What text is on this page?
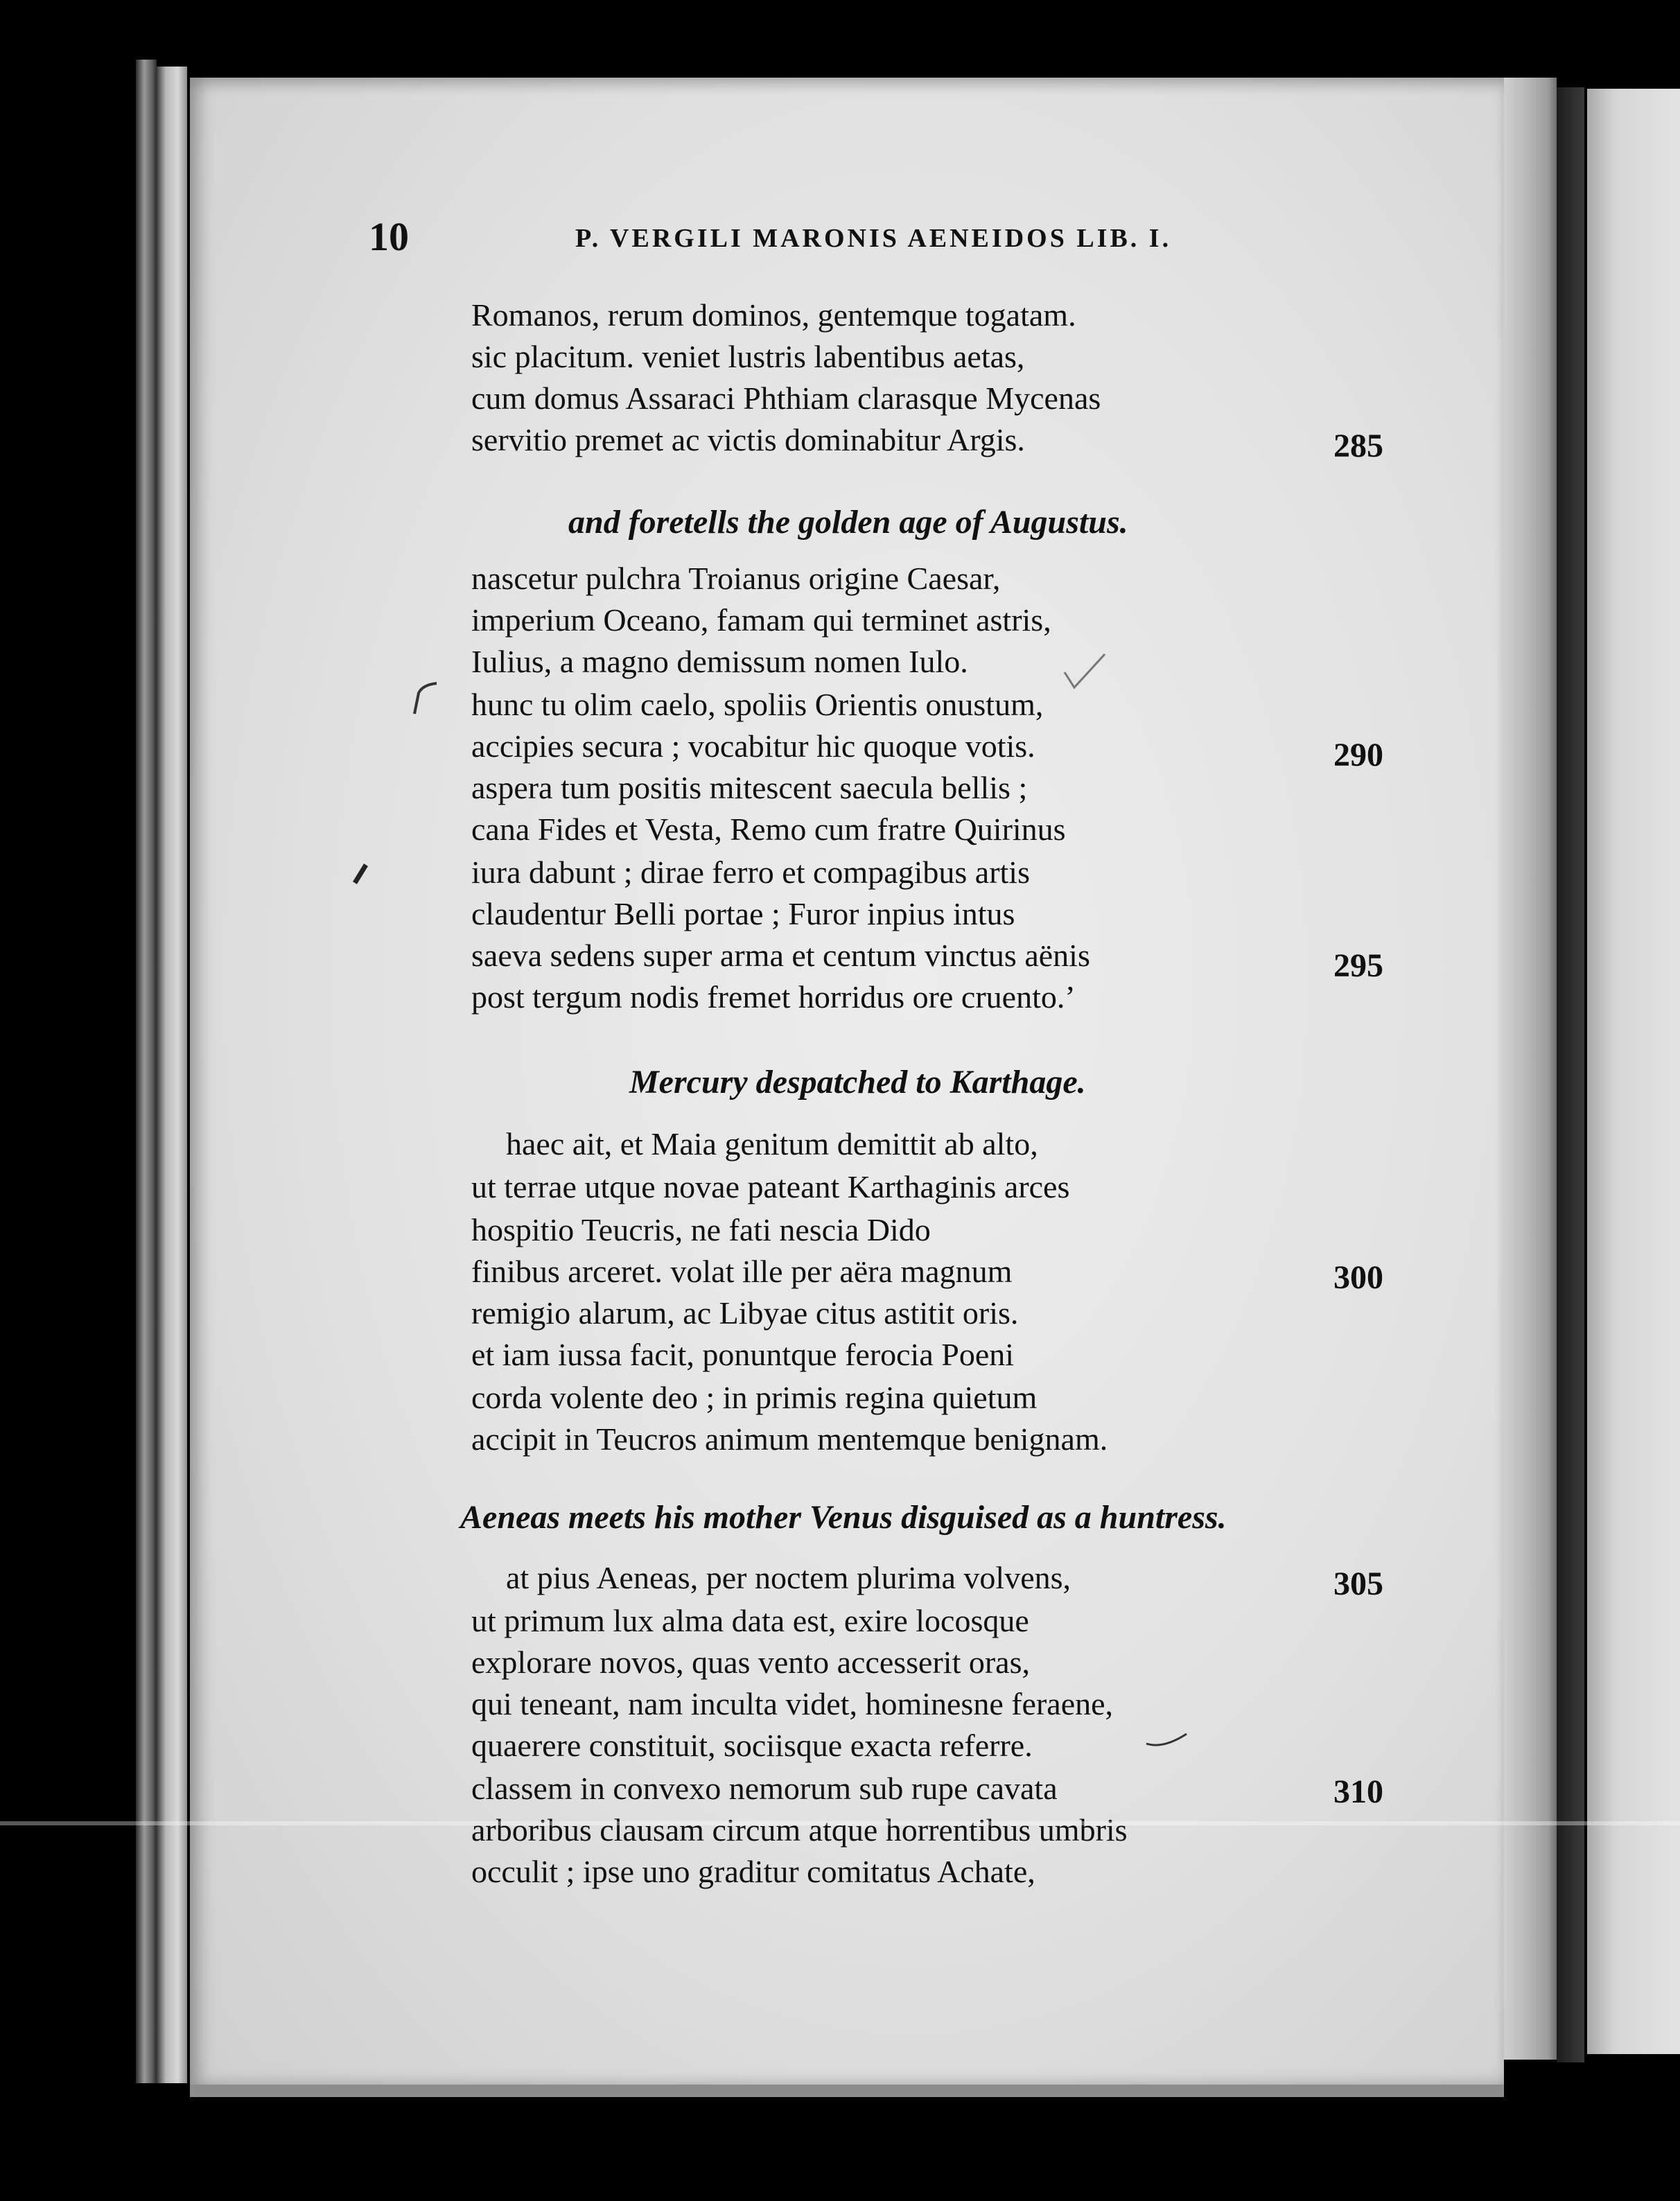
10	P. VERGILI MARONIS AENEIDOS LIB. I.
Romanos, rerum dominos, gentemque togatam.
sic placitum. veniet lustris labentibus aetas,
cum domus Assaraci Phthiam clarasque Mycenas
servitio premet ac victis dominabitur Argis.	285
and foretells the golden age of Augustus.
nascetur pulchra Troianus origine Caesar,
imperium Oceano, famam qui terminet astris,
Iulius, a magno demissum nomen Iulo.
hunc tu olim caelo, spoliis Orientis onustum,
accipies secura ; vocabitur hic quoque votis.	290
aspera tum positis mitescent saecula bellis ;
cana Fides et Vesta, Remo cum fratre Quirinus
iura dabunt ; dirae ferro et compagibus artis
claudentur Belli portae ; Furor inpius intus
saeva sedens super arma et centum vinctus aënis	295
post tergum nodis fremet horridus ore cruento.’
Mercury despatched to Karthage.
haec ait, et Maia genitum demittit ab alto,
ut terrae utque novae pateant Karthaginis arces
hospitio Teucris, ne fati nescia Dido
finibus arceret. volat ille per aëra magnum	300
remigio alarum, ac Libyae citus astitit oris.
et iam iussa facit, ponuntque ferocia Poeni
corda volente deo ; in primis regina quietum
accipit in Teucros animum mentemque benignam.
Aeneas meets his mother Venus disguised as a huntress.
at pius Aeneas, per noctem plurima volvens,	305
ut primum lux alma data est, exire locosque
explorare novos, quas vento accesserit oras,
qui teneant, nam inculta videt, hominesne feraene,
quaerere constituit, sociisque exacta referre.
classem in convexo nemorum sub rupe cavata	310
arboribus clausam circum atque horrentibus umbris
occulit ; ipse uno graditur comitatus Achate,
